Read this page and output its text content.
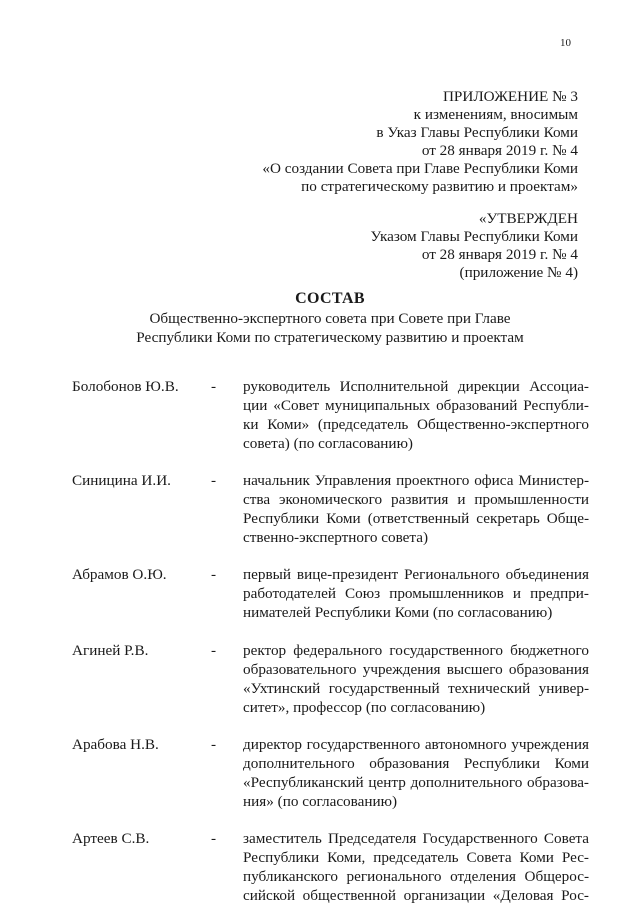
10
ПРИЛОЖЕНИЕ № 3
к изменениям, вносимым
в Указ Главы Республики Коми
от 28 января 2019 г. № 4
«О создании Совета при Главе Республики Коми
по стратегическому развитию и проектам»
«УТВЕРЖДЕН
Указом Главы Республики Коми
от 28 января 2019 г. № 4
(приложение № 4)
СОСТАВ
Общественно-экспертного совета при Совете при Главе
Республики Коми по стратегическому развитию и проектам
Болобонов Ю.В.	-	руководитель Исполнительной дирекции Ассоциа-
ции «Совет муниципальных образований Республи-
ки Коми» (председатель Общественно-экспертного
совета) (по согласованию)
Синицина И.И.	-	начальник Управления проектного офиса Министер-
ства экономического развития и промышленности
Республики Коми (ответственный секретарь Обще-
ственно-экспертного совета)
Абрамов О.Ю.	-	первый вице-президент Регионального объединения
работодателей Союз промышленников и предпри-
нимателей Республики Коми (по согласованию)
Агиней Р.В.	-	ректор федерального государственного бюджетного
образовательного учреждения высшего образования
«Ухтинский государственный технический универ-
ситет», профессор (по согласованию)
Арабова Н.В.	-	директор государственного автономного учреждения
дополнительного образования Республики Коми
«Республиканский центр дополнительного образова-
ния» (по согласованию)
Артеев С.В.	-	заместитель Председателя Государственного Совета
Республики Коми, председатель Совета Коми Рес-
публиканского регионального отделения Общерос-
сийской общественной организации «Деловая Рос-
